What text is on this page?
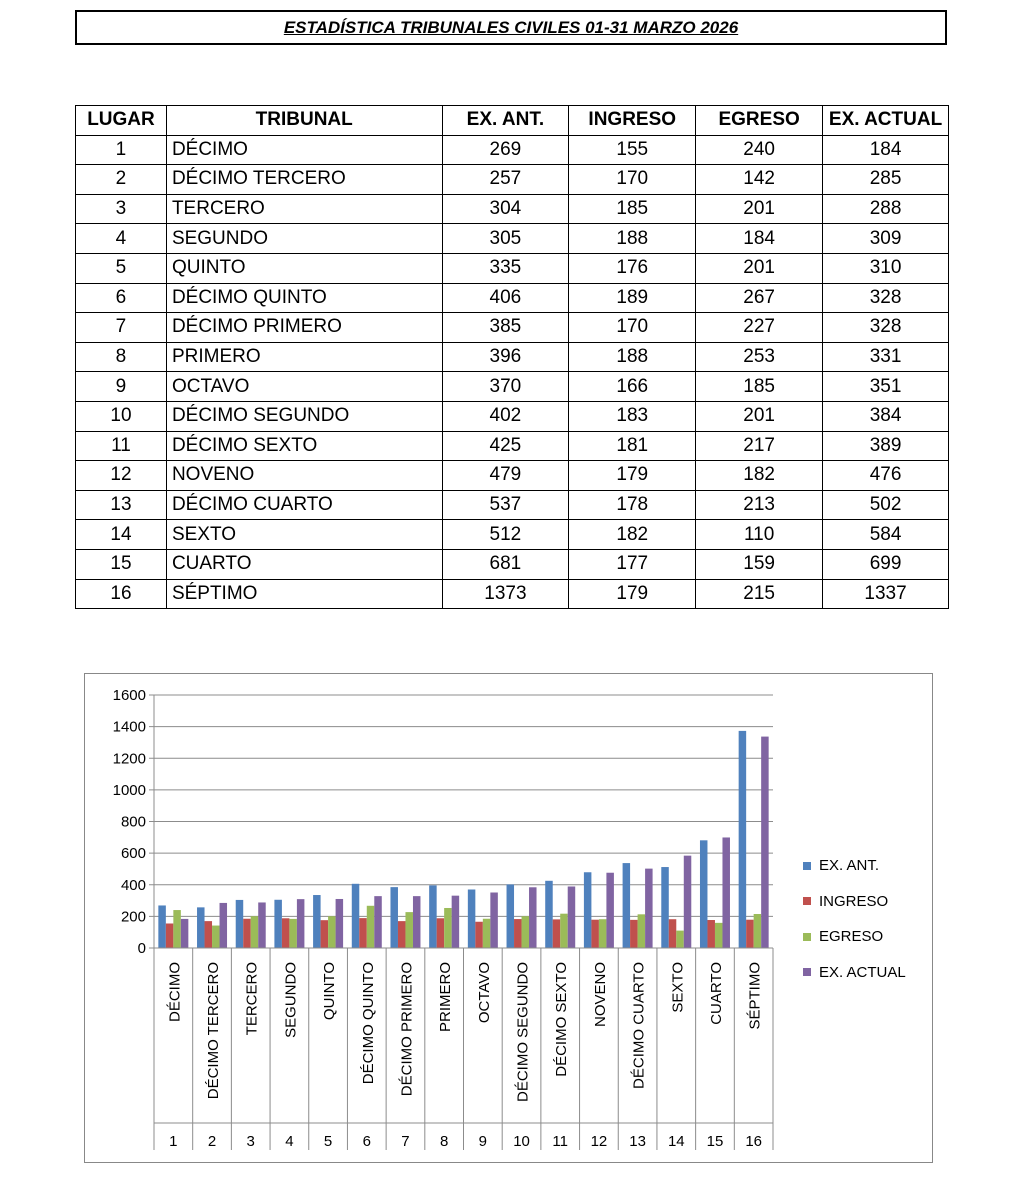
ESTADÍSTICA TRIBUNALES CIVILES 01-31 MARZO 2026
LUGAR	TRIBUNAL	EX. ANT.	INGRESO	EGRESO	EX. ACTUAL
1	DÉCIMO	269	155	240	184
2	DÉCIMO TERCERO	257	170	142	285
3	TERCERO	304	185	201	288
4	SEGUNDO	305	188	184	309
5	QUINTO	335	176	201	310
6	DÉCIMO QUINTO	406	189	267	328
7	DÉCIMO PRIMERO	385	170	227	328
8	PRIMERO	396	188	253	331
9	OCTAVO	370	166	185	351
10	DÉCIMO SEGUNDO	402	183	201	384
11	DÉCIMO SEXTO	425	181	217	389
12	NOVENO	479	179	182	476
13	DÉCIMO CUARTO	537	178	213	502
14	SEXTO	512	182	110	584
15	CUARTO	681	177	159	699
16	SÉPTIMO	1373	179	215	1337
0
200
400
600
800
1000
1200
1400
1600
DÉCIMO
1
DÉCIMO TERCERO
2
TERCERO
3
SEGUNDO
4
QUINTO
5
DÉCIMO QUINTO
6
DÉCIMO PRIMERO
7
PRIMERO
8
OCTAVO
9
DÉCIMO SEGUNDO
10
DÉCIMO SEXTO
11
NOVENO
12
DÉCIMO CUARTO
13
SEXTO
14
CUARTO
15
SÉPTIMO
16
EX. ANT.
INGRESO
EGRESO
EX. ACTUAL
